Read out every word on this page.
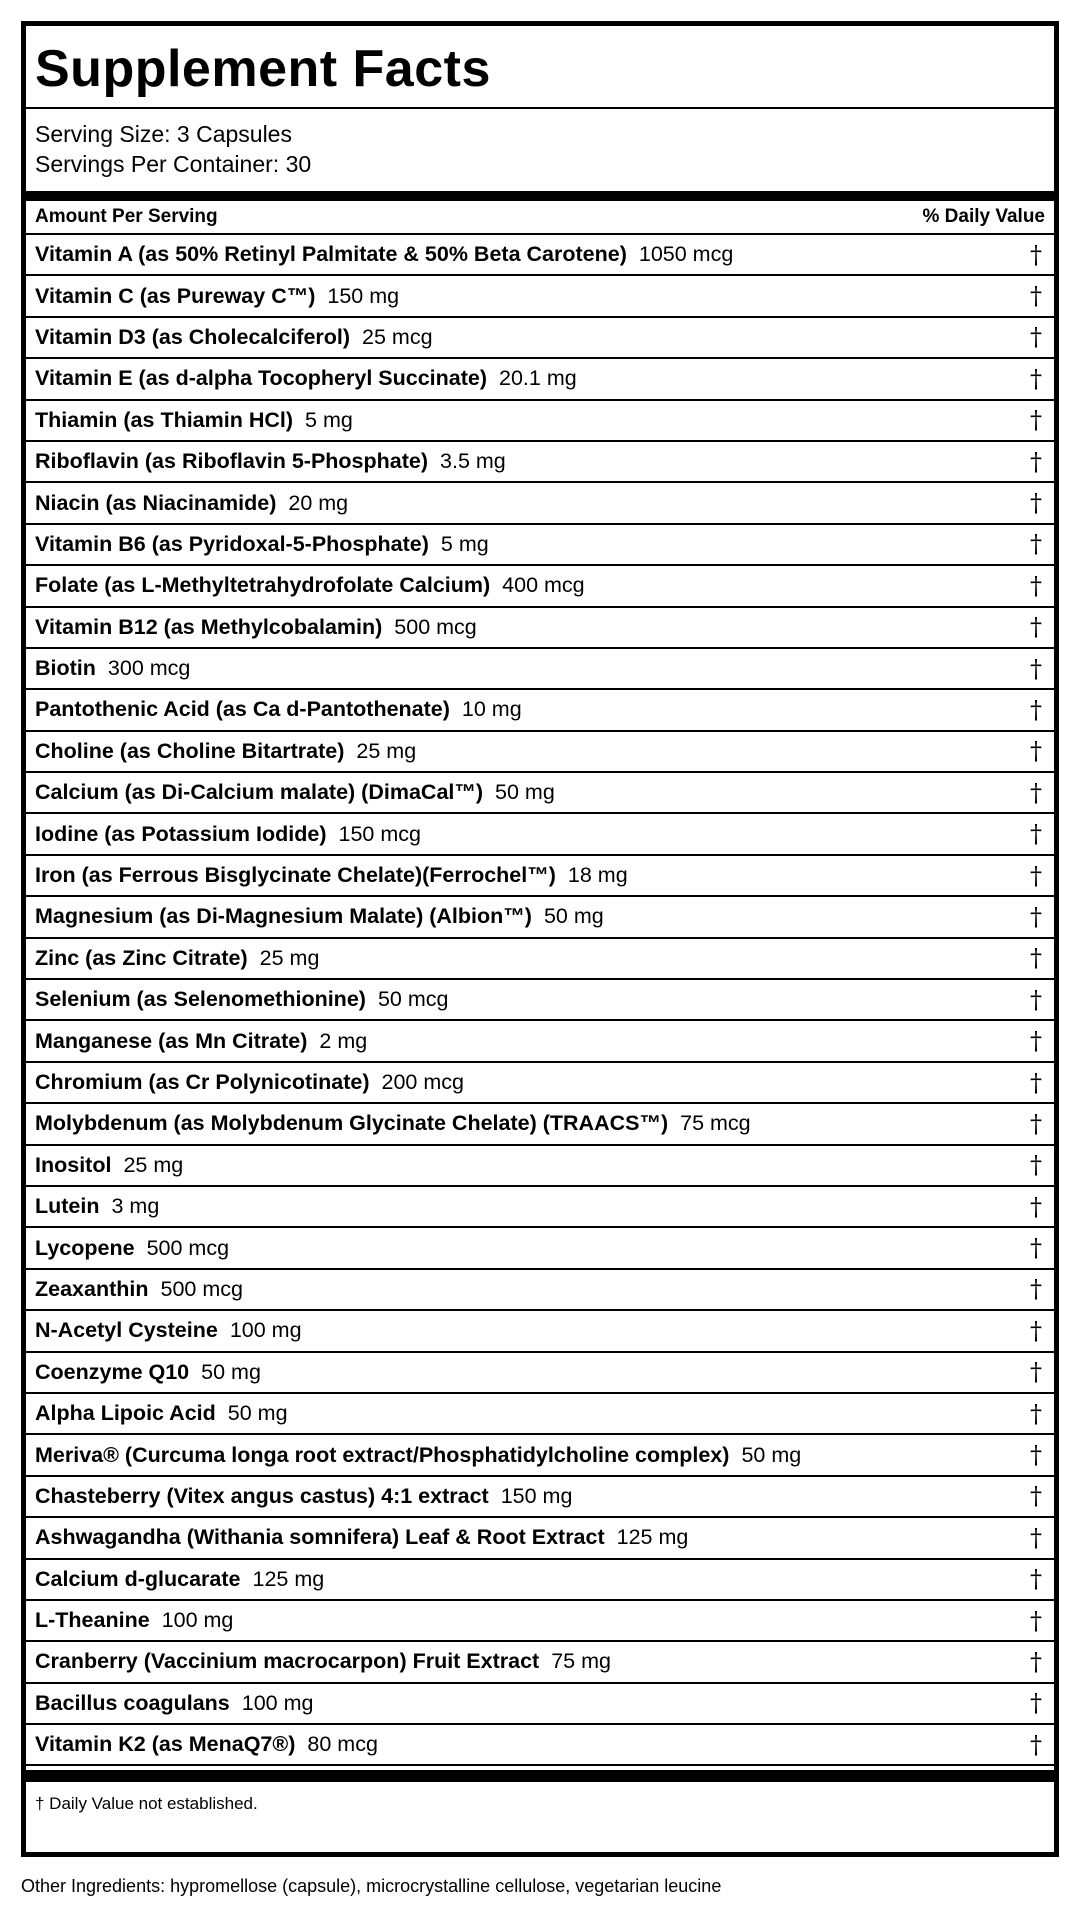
Supplement Facts
Serving Size: 3 Capsules
Servings Per Container: 30
Amount Per Serving	% Daily Value
Vitamin A (as 50% Retinyl Palmitate & 50% Beta Carotene) 1050 mcg	†
Vitamin C (as Pureway C™) 150 mg	†
Vitamin D3 (as Cholecalciferol) 25 mcg	†
Vitamin E (as d-alpha Tocopheryl Succinate) 20.1 mg	†
Thiamin (as Thiamin HCl) 5 mg	†
Riboflavin (as Riboflavin 5-Phosphate) 3.5 mg	†
Niacin (as Niacinamide) 20 mg	†
Vitamin B6 (as Pyridoxal-5-Phosphate) 5 mg	†
Folate (as L-Methyltetrahydrofolate Calcium) 400 mcg	†
Vitamin B12 (as Methylcobalamin) 500 mcg	†
Biotin 300 mcg	†
Pantothenic Acid (as Ca d-Pantothenate) 10 mg	†
Choline (as Choline Bitartrate) 25 mg	†
Calcium (as Di-Calcium malate) (DimaCal™) 50 mg	†
Iodine (as Potassium Iodide) 150 mcg	†
Iron (as Ferrous Bisglycinate Chelate)(Ferrochel™) 18 mg	†
Magnesium (as Di-Magnesium Malate) (Albion™) 50 mg	†
Zinc (as Zinc Citrate) 25 mg	†
Selenium (as Selenomethionine) 50 mcg	†
Manganese (as Mn Citrate) 2 mg	†
Chromium (as Cr Polynicotinate) 200 mcg	†
Molybdenum (as Molybdenum Glycinate Chelate) (TRAACS™) 75 mcg	†
Inositol 25 mg	†
Lutein 3 mg	†
Lycopene 500 mcg	†
Zeaxanthin 500 mcg	†
N-Acetyl Cysteine 100 mg	†
Coenzyme Q10 50 mg	†
Alpha Lipoic Acid 50 mg	†
Meriva® (Curcuma longa root extract/Phosphatidylcholine complex) 50 mg	†
Chasteberry (Vitex angus castus) 4:1 extract 150 mg	†
Ashwagandha (Withania somnifera) Leaf & Root Extract 125 mg	†
Calcium d-glucarate 125 mg	†
L-Theanine 100 mg	†
Cranberry (Vaccinium macrocarpon) Fruit Extract 75 mg	†
Bacillus coagulans 100 mg	†
Vitamin K2 (as MenaQ7®) 80 mcg	†
† Daily Value not established.
Other Ingredients: hypromellose (capsule), microcrystalline cellulose, vegetarian leucine
